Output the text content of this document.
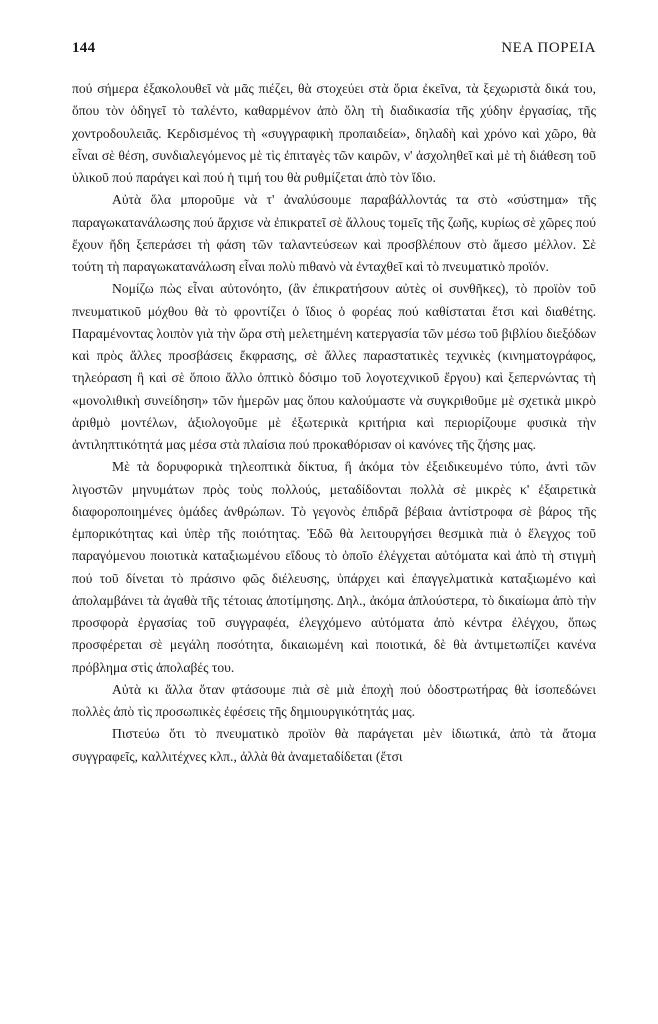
144	ΝΕΑ ΠΟΡΕΙΑ

πού σήμερα ἐξακολουθεῖ νὰ μᾶς πιέζει, θὰ στοχεύει στὰ ὅρια ἐκεῖνα, τὰ ξεχωριστὰ δικά του, ὅπου τὸν ὁδηγεῖ τὸ ταλέντο, καθαρμένον ἀπὸ ὅλη τὴ διαδικασία τῆς χύδην ἐργασίας, τῆς χοντροδουλειᾶς. Κερδισμένος τὴ «συγγραφικὴ προπαιδεία», δηλαδὴ καὶ χρόνο καὶ χῶρο, θὰ εἶναι σὲ θέση, συνδιαλεγόμενος μὲ τὶς ἐπιταγὲς τῶν καιρῶν, ν' ἀσχοληθεῖ καὶ μὲ τὴ διάθεση τοῦ ὑλικοῦ πού παράγει καὶ πού ἡ τιμή του θὰ ρυθμίζεται ἀπὸ τὸν ἴδιο.

Αὐτὰ ὅλα μποροῦμε νὰ τ' ἀναλύσουμε παραβάλλοντάς τα στὸ «σύστημα» τῆς παραγωκατανάλωσης πού ἄρχισε νὰ ἐπικρατεῖ σὲ ἄλλους τομεῖς τῆς ζωῆς, κυρίως σὲ χῶρες πού ἔχουν ἤδη ξεπεράσει τὴ φάση τῶν ταλαντεύσεων καὶ προσβλέπουν στὸ ἄμεσο μέλλον. Σὲ τούτη τὴ παραγωκατανάλωση εἶναι πολὺ πιθανὸ νὰ ἐνταχθεῖ καὶ τὸ πνευματικὸ προϊόν.

Νομίζω πὼς εἶναι αὐτονόητο, (ἂν ἐπικρατήσουν αὐτὲς οἱ συνθῆκες), τὸ προϊὸν τοῦ πνευματικοῦ μόχθου θὰ τὸ φροντίζει ὁ ἴδιος ὁ φορέας πού καθίσταται ἔτσι καὶ διαθέτης. Παραμένοντας λοιπὸν γιὰ τὴν ὥρα στὴ μελετημένη κατεργασία τῶν μέσω τοῦ βιβλίου διεξόδων καὶ πρὸς ἄλλες προσβάσεις ἔκφρασης, σὲ ἄλλες παραστατικὲς τεχνικὲς (κινηματογράφος, τηλεόραση ἢ καὶ σὲ ὅποιο ἄλλο ὀπτικὸ δόσιμο τοῦ λογοτεχνικοῦ ἔργου) καὶ ξεπερνώντας τὴ «μονολιθικὴ συνείδηση» τῶν ἡμερῶν μας ὅπου καλούμαστε νὰ συγκριθοῦμε μὲ σχετικὰ μικρὸ ἀριθμὸ μοντέλων, ἀξιολογοῦμε μὲ ἐξωτερικὰ κριτήρια καὶ περιορίζουμε φυσικὰ τὴν ἀντιληπτικότητά μας μέσα στὰ πλαίσια πού προκαθόρισαν οἱ κανόνες τῆς ζήσης μας.

Μὲ τὰ δορυφορικὰ τηλεοπτικὰ δίκτυα, ἢ ἀκόμα τὸν ἐξειδικευμένο τύπο, ἀντὶ τῶν λιγοστῶν μηνυμάτων πρὸς τοὺς πολλούς, μεταδίδονται πολλὰ σὲ μικρὲς κ' ἐξαιρετικὰ διαφοροποιημένες ὁμάδες ἀνθρώπων. Τὸ γεγονὸς ἐπιδρᾶ βέβαια ἀντίστροφα σὲ βάρος τῆς ἐμπορικότητας καὶ ὑπὲρ τῆς ποιότητας. Ἐδῶ θὰ λειτουργήσει θεσμικὰ πιὰ ὁ ἔλεγχος τοῦ παραγόμενου ποιοτικὰ καταξιωμένου εἴδους τὸ ὁποῖο ἐλέγχεται αὐτόματα καὶ ἀπὸ τὴ στιγμὴ πού τοῦ δίνεται τὸ πράσινο φῶς διέλευσης, ὑπάρχει καὶ ἐπαγγελματικὰ καταξιωμένο καὶ ἀπολαμβάνει τὰ ἀγαθὰ τῆς τέτοιας ἀποτίμησης. Δηλ., ἀκόμα ἁπλούστερα, τὸ δικαίωμα ἀπὸ τὴν προσφορὰ ἐργασίας τοῦ συγγραφέα, ἐλεγχόμενο αὐτόματα ἀπὸ κέντρα ἐλέγχου, ὅπως προσφέρεται σὲ μεγάλη ποσότητα, δικαιωμένη καὶ ποιοτικά, δὲ θὰ ἀντιμετωπίζει κανένα πρόβλημα στὶς ἀπολαβές του.

Αὐτὰ κι ἄλλα ὅταν φτάσουμε πιὰ σὲ μιὰ ἐποχὴ πού ὁδοστρωτήρας θὰ ἰσοπεδώνει πολλὲς ἀπὸ τὶς προσωπικὲς ἐφέσεις τῆς δημιουργικότητάς μας.

Πιστεύω ὅτι τὸ πνευματικὸ προϊὸν θὰ παράγεται μὲν ἰδιωτικά, ἀπὸ τὰ ἄτομα συγγραφεῖς, καλλιτέχνες κλπ., ἀλλὰ θὰ ἀναμεταδίδεται (ἔτσι
